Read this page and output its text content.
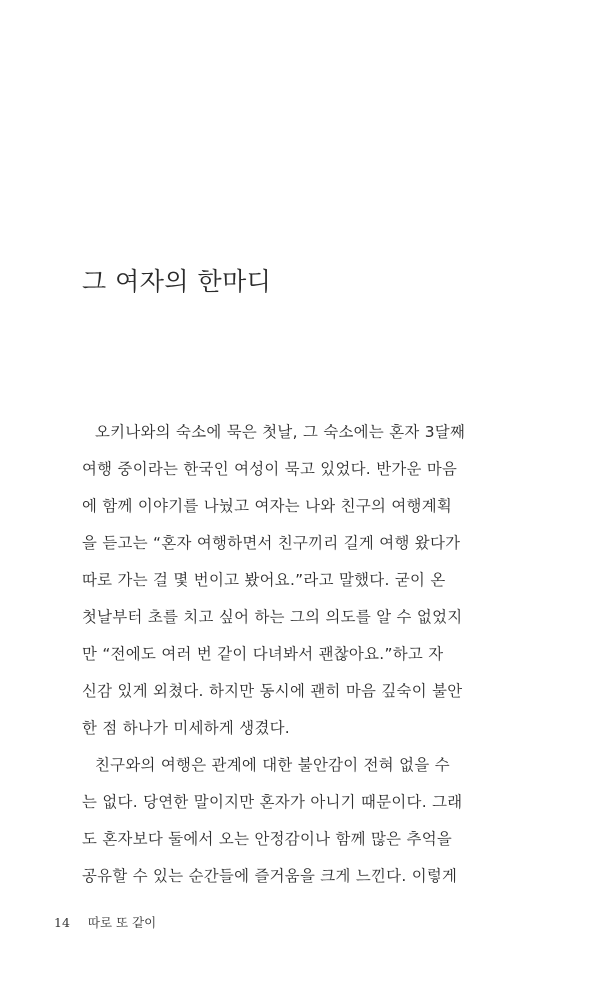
그 여자의 한마디
오키나와의 숙소에 묵은 첫날, 그 숙소에는 혼자 3달째
여행 중이라는 한국인 여성이 묵고 있었다. 반가운 마음
에 함께 이야기를 나눴고 여자는 나와 친구의 여행계획
을 듣고는 “혼자 여행하면서 친구끼리 길게 여행 왔다가
따로 가는 걸 몇 번이고 봤어요.”라고 말했다. 굳이 온
첫날부터 초를 치고 싶어 하는 그의 의도를 알 수 없었지
만 “전에도 여러 번 같이 다녀봐서 괜찮아요.”하고 자
신감 있게 외쳤다. 하지만 동시에 괜히 마음 깊숙이 불안
한 점 하나가 미세하게 생겼다.
친구와의 여행은 관계에 대한 불안감이 전혀 없을 수
는 없다. 당연한 말이지만 혼자가 아니기 때문이다. 그래
도 혼자보다 둘에서 오는 안정감이나 함께 많은 추억을
공유할 수 있는 순간들에 즐거움을 크게 느낀다. 이렇게
14 따로 또 같이
